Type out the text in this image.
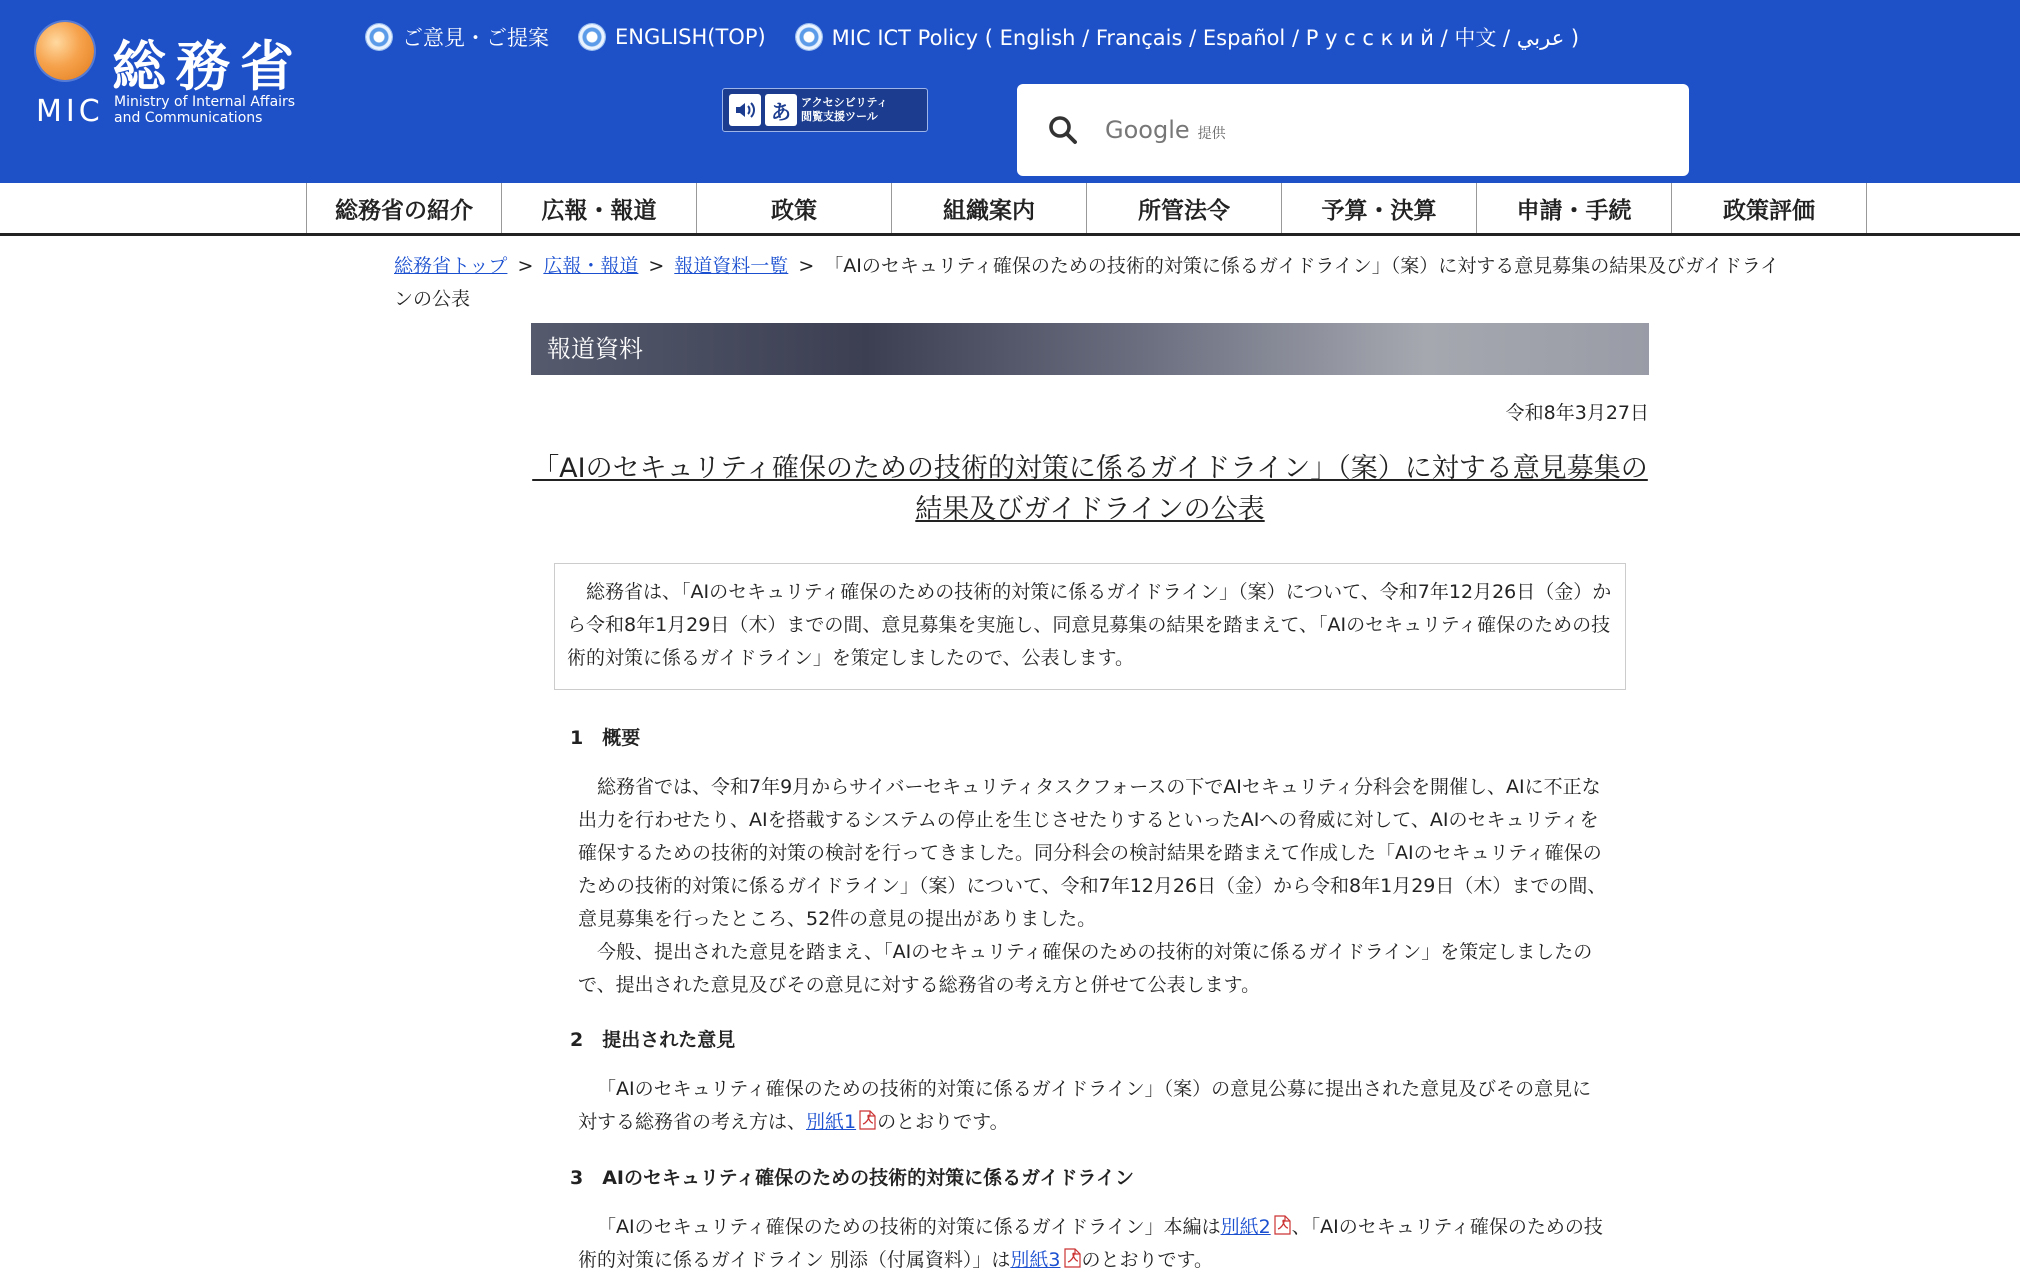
総務省
MIC Ministry of Internal Affairs
and Communications
ご意見・ご提案	ENGLISH(TOP)	MIC ICT Policy ( English / Français / Español / Р у с с к и й / 中文 / عربي )
あ アクセシビリティ
閲覧支援ツール	Google 提供
総務省の紹介	広報・報道	政策	組織案内	所管法令	予算・決算	申請・手続	政策評価
総務省トップ > 広報・報道 > 報道資料一覧 > 「AIのセキュリティ確保のための技術的対策に係るガイドライン」（案）に対する意見募集の結果及びガイドラインの公表
報道資料
令和8年3月27日
「AIのセキュリティ確保のための技術的対策に係るガイドライン」（案）に対する意見募集の結果及びガイドラインの公表
総務省は、「AIのセキュリティ確保のための技術的対策に係るガイドライン」（案）について、令和7年12月26日（金）から令和8年1月29日（木）までの間、意見募集を実施し、同意見募集の結果を踏まえて、「AIのセキュリティ確保のための技術的対策に係るガイドライン」を策定しましたので、公表します。
1　概要

総務省では、令和7年9月からサイバーセキュリティタスクフォースの下でAIセキュリティ分科会を開催し、AIに不正な出力を行わせたり、AIを搭載するシステムの停止を生じさせたりするといったAIへの脅威に対して、AIのセキュリティを確保するための技術的対策の検討を行ってきました。同分科会の検討結果を踏まえて作成した「AIのセキュリティ確保のための技術的対策に係るガイドライン」（案）について、令和7年12月26日（金）から令和8年1月29日（木）までの間、意見募集を行ったところ、52件の意見の提出がありました。

今般、提出された意見を踏まえ、「AIのセキュリティ確保のための技術的対策に係るガイドライン」を策定しましたので、提出された意見及びその意見に対する総務省の考え方と併せて公表します。

2　提出された意見

「AIのセキュリティ確保のための技術的対策に係るガイドライン」（案）の意見公募に提出された意見及びその意見に対する総務省の考え方は、別紙1 のとおりです。

3　AIのセキュリティ確保のための技術的対策に係るガイドライン

「AIのセキュリティ確保のための技術的対策に係るガイドライン」本編は別紙2 、「AIのセキュリティ確保のための技術的対策に係るガイドライン 別添（付属資料）」は別紙3 のとおりです。
